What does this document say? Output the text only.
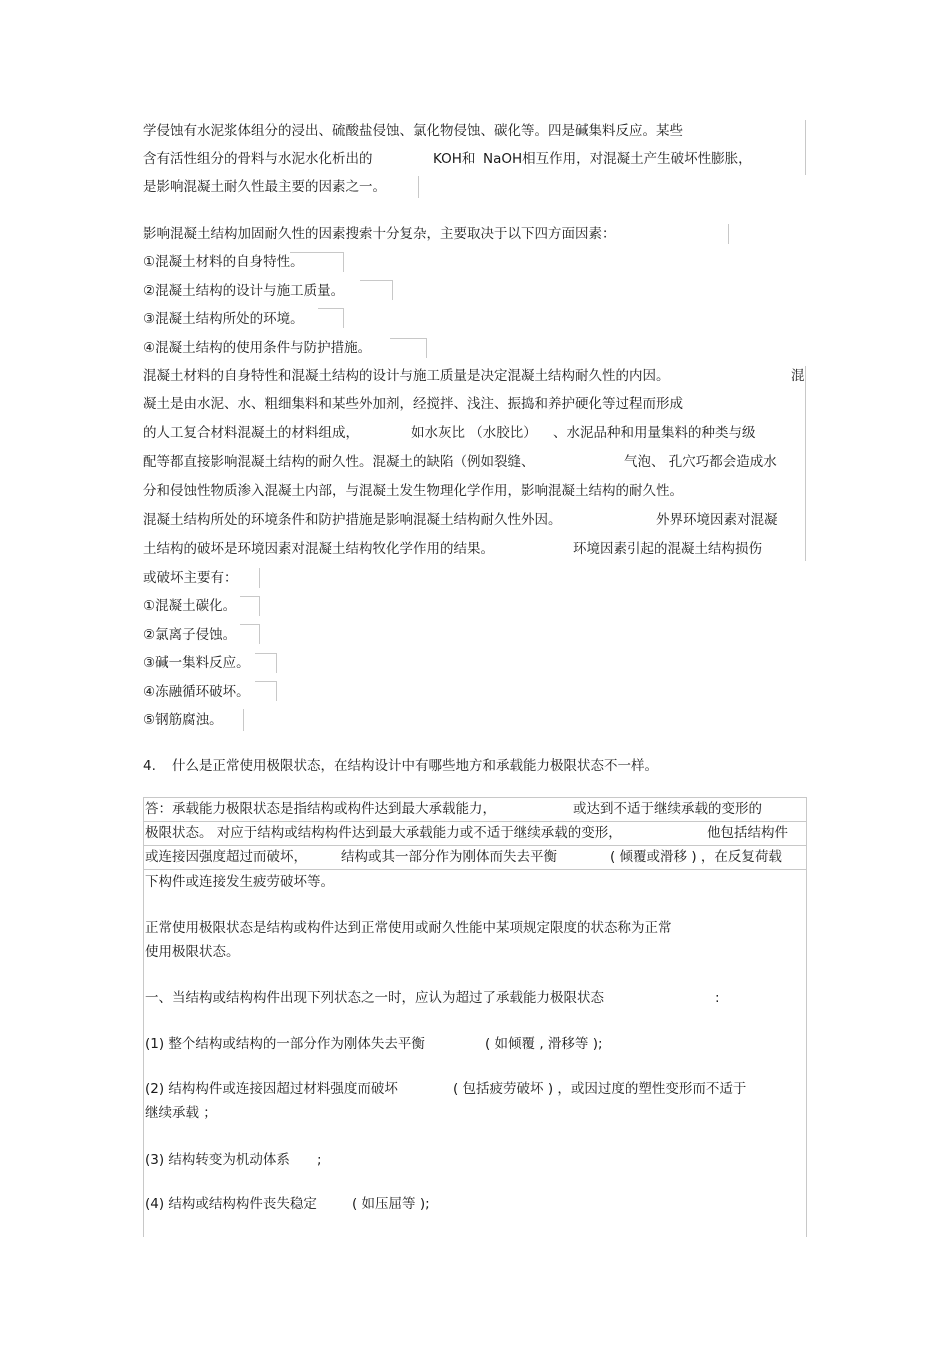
学侵蚀有水泥浆体组分的浸出、硫酸盐侵蚀、氯化物侵蚀、碳化等。四是碱集料反应。某些
含有活性组分的骨料与水泥水化析出的	KOH和 NaOH相互作用，对混凝土产生破坏性膨胀，
是影响混凝土耐久性最主要的因素之一。
影响混凝土结构加固耐久性的因素搜索十分复杂，主要取决于以下四方面因素：
①混凝土材料的自身特性。
②混凝土结构的设计与施工质量。
③混凝土结构所处的环境。
④混凝土结构的使用条件与防护措施。
混凝土材料的自身特性和混凝土结构的设计与施工质量是决定混凝土结构耐久性的内因。	混
凝土是由水泥、水、粗细集料和某些外加剂，经搅拌、浅注、振捣和养护硬化等过程而形成
的人工复合材料混凝土的材料组成，	如水灰比 （水胶比） 、水泥品种和用量集料的种类与级
配等都直接影响混凝土结构的耐久性。混凝土的缺陷（例如裂缝、	气泡、 孔穴巧都会造成水
分和侵蚀性物质渗入混凝土内部，与混凝土发生物理化学作用，影响混凝土结构的耐久性。
混凝土结构所处的环境条件和防护措施是影响混凝土结构耐久性外因。	外界环境因素对混凝
土结构的破坏是环境因素对混凝土结构牧化学作用的结果。	环境因素引起的混凝土结构损伤
或破坏主要有：
①混凝土碳化。
②氯离子侵蚀。
③碱一集料反应。
④冻融循环破坏。
⑤钢筋腐浊。
4. 什么是正常使用极限状态，在结构设计中有哪些地方和承载能力极限状态不一样。
答：承载能力极限状态是指结构或构件达到最大承载能力，	或达到不适于继续承载的变形的
极限状态。 对应于结构或结构构件达到最大承载能力或不适于继续承载的变形，	他包括结构件
或连接因强度超过而破坏，	结构或其一部分作为刚体而失去平衡	( 倾覆或滑移 ) ，在反复荷载
下构件或连接发生疲劳破坏等。
正常使用极限状态是结构或构件达到正常使用或耐久性能中某项规定限度的状态称为正常
使用极限状态。
一、当结构或结构构件出现下列状态之一时，应认为超过了承载能力极限状态	:
(1) 整个结构或结构的一部分作为刚体失去平衡	( 如倾覆 , 滑移等 );
(2) 结构构件或连接因超过材料强度而破坏	( 包括疲劳破坏 ) ，或因过度的塑性变形而不适于
继续承载 ；
(3) 结构转变为机动体系 ;
(4) 结构或结构构件丧失稳定	( 如压屈等 );
